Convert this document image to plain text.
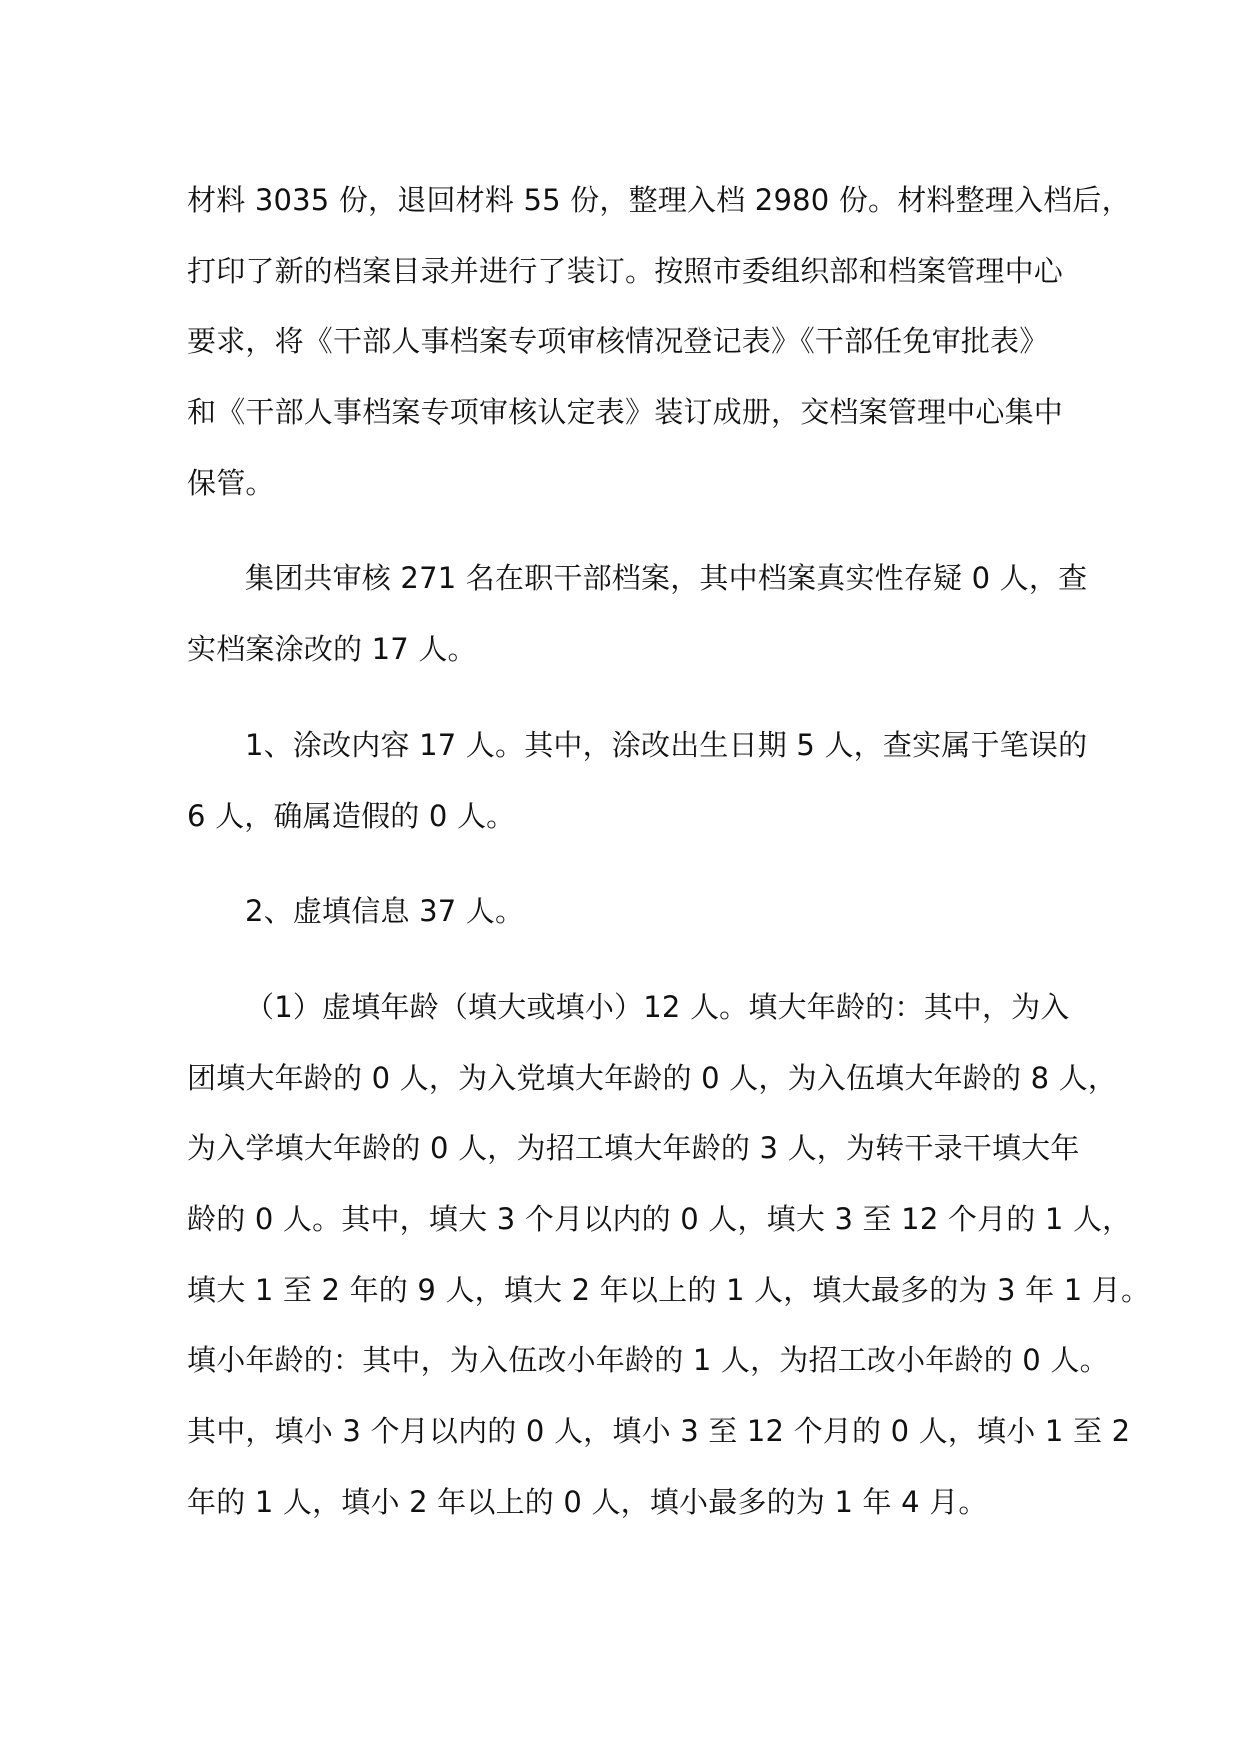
材料 3035 份，退回材料 55 份，整理入档 2980 份。材料整理入档后，
打印了新的档案目录并进行了装订。按照市委组织部和档案管理中心
要求，将《干部人事档案专项审核情况登记表》《干部任免审批表》
和《干部人事档案专项审核认定表》装订成册，交档案管理中心集中
保管。

集团共审核 271 名在职干部档案，其中档案真实性存疑 0 人，查
实档案涂改的 17 人。

1、涂改内容 17 人。其中，涂改出生日期 5 人，查实属于笔误的
6 人，确属造假的 0 人。

2、虚填信息 37 人。

（1）虚填年龄（填大或填小）12 人。填大年龄的：其中，为入
团填大年龄的 0 人，为入党填大年龄的 0 人，为入伍填大年龄的 8 人，
为入学填大年龄的 0 人，为招工填大年龄的 3 人，为转干录干填大年
龄的 0 人。其中，填大 3 个月以内的 0 人，填大 3 至 12 个月的 1 人，
填大 1 至 2 年的 9 人，填大 2 年以上的 1 人，填大最多的为 3 年 1 月。
填小年龄的：其中，为入伍改小年龄的 1 人，为招工改小年龄的 0 人。
其中，填小 3 个月以内的 0 人，填小 3 至 12 个月的 0 人，填小 1 至 2
年的 1 人，填小 2 年以上的 0 人，填小最多的为 1 年 4 月。
